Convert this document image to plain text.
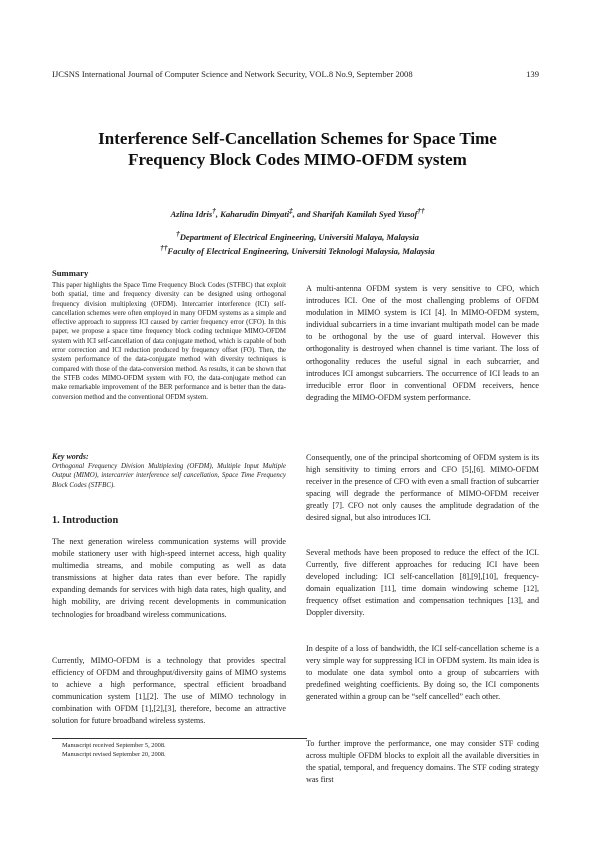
IJCSNS International Journal of Computer Science and Network Security, VOL.8 No.9, September 2008	139
Interference Self-Cancellation Schemes for Space Time
Frequency Block Codes MIMO-OFDM system
Azlina Idris†, Kaharudin Dimyati‡, and Sharifah Kamilah Syed Yusof††
†Department of Electrical Engineering, Universiti Malaya, Malaysia
††Faculty of Electrical Engineering, Universiti Teknologi Malaysia, Malaysia
Summary

This paper highlights the Space Time Frequency Block Codes (STFBC) that exploit both spatial, time and frequency diversity can be designed using orthogonal frequency division multiplexing (OFDM). Intercarrier interference (ICI) self-cancellation schemes were often employed in many OFDM systems as a simple and effective approach to suppress ICI caused by carrier frequency error (CFO). In this paper, we propose a space time frequency block coding technique MIMO-OFDM system with ICI self-cancellation of data conjugate method, which is capable of both error correction and ICI reduction produced by frequency offset (FO). Then, the system performance of the data-conjugate method with diversity techniques is compared with those of the data-conversion method. As results, it can be shown that the STFB codes MIMO-OFDM system with FO, the data-conjugate method can make remarkable improvement of the BER performance and is better than the data-conversion method and the conventional OFDM system.

Key words:

Orthogonal Frequency Division Multiplexing (OFDM), Multiple Input Multiple Output (MIMO), intercarrier interference self cancellation, Space Time Frequency Block Codes (STFBC).

1. Introduction

The next generation wireless communication systems will provide mobile stationery user with high-speed internet access, high quality multimedia streams, and mobile computing as well as data transmissions at higher data rates than ever before. The rapidly expanding demands for services with high data rates, high quality, and high mobility, are driving recent developments in communication technologies for broadband wireless communications.

Currently, MIMO-OFDM is a technology that provides spectral efficiency of OFDM and throughput/diversity gains of MIMO systems to achieve a high performance, spectral efficient broadband communication system [1],[2]. The use of MIMO technology in combination with OFDM [1],[2],[3], therefore, become an attractive solution for future broadband wireless systems.

Manuscript received September 5, 2008.
Manuscript revised September 20, 2008.

A multi-antenna OFDM system is very sensitive to CFO, which introduces ICI. One of the most challenging problems of OFDM modulation in MIMO system is ICI [4]. In MIMO-OFDM system, individual subcarriers in a time invariant multipath model can be made to be orthogonal by the use of guard interval. However this orthogonality is destroyed when channel is time variant. The loss of orthogonality reduces the useful signal in each subcarrier, and introduces ICI amongst subcarriers. The occurrence of ICI leads to an irreducible error floor in conventional OFDM receivers, hence degrading the MIMO-OFDM system performance.

Consequently, one of the principal shortcoming of OFDM system is its high sensitivity to timing errors and CFO [5],[6]. MIMO-OFDM receiver in the presence of CFO with even a small fraction of subcarrier spacing will degrade the performance of MIMO-OFDM receiver greatly [7]. CFO not only causes the amplitude degradation of the desired signal, but also introduces ICI.

Several methods have been proposed to reduce the effect of the ICI. Currently, five different approaches for reducing ICI have been developed including: ICI self-cancellation [8],[9],[10], frequency-domain equalization [11], time domain windowing scheme [12], frequency offset estimation and compensation techniques [13], and Doppler diversity.

In despite of a loss of bandwidth, the ICI self-cancellation scheme is a very simple way for suppressing ICI in OFDM system. Its main idea is to modulate one data symbol onto a group of subcarriers with predefined weighting coefficients. By doing so, the ICI components generated within a group can be “self cancelled” each other.

To further improve the performance, one may consider STF coding across multiple OFDM blocks to exploit all the available diversities in the spatial, temporal, and frequency domains. The STF coding strategy was first
